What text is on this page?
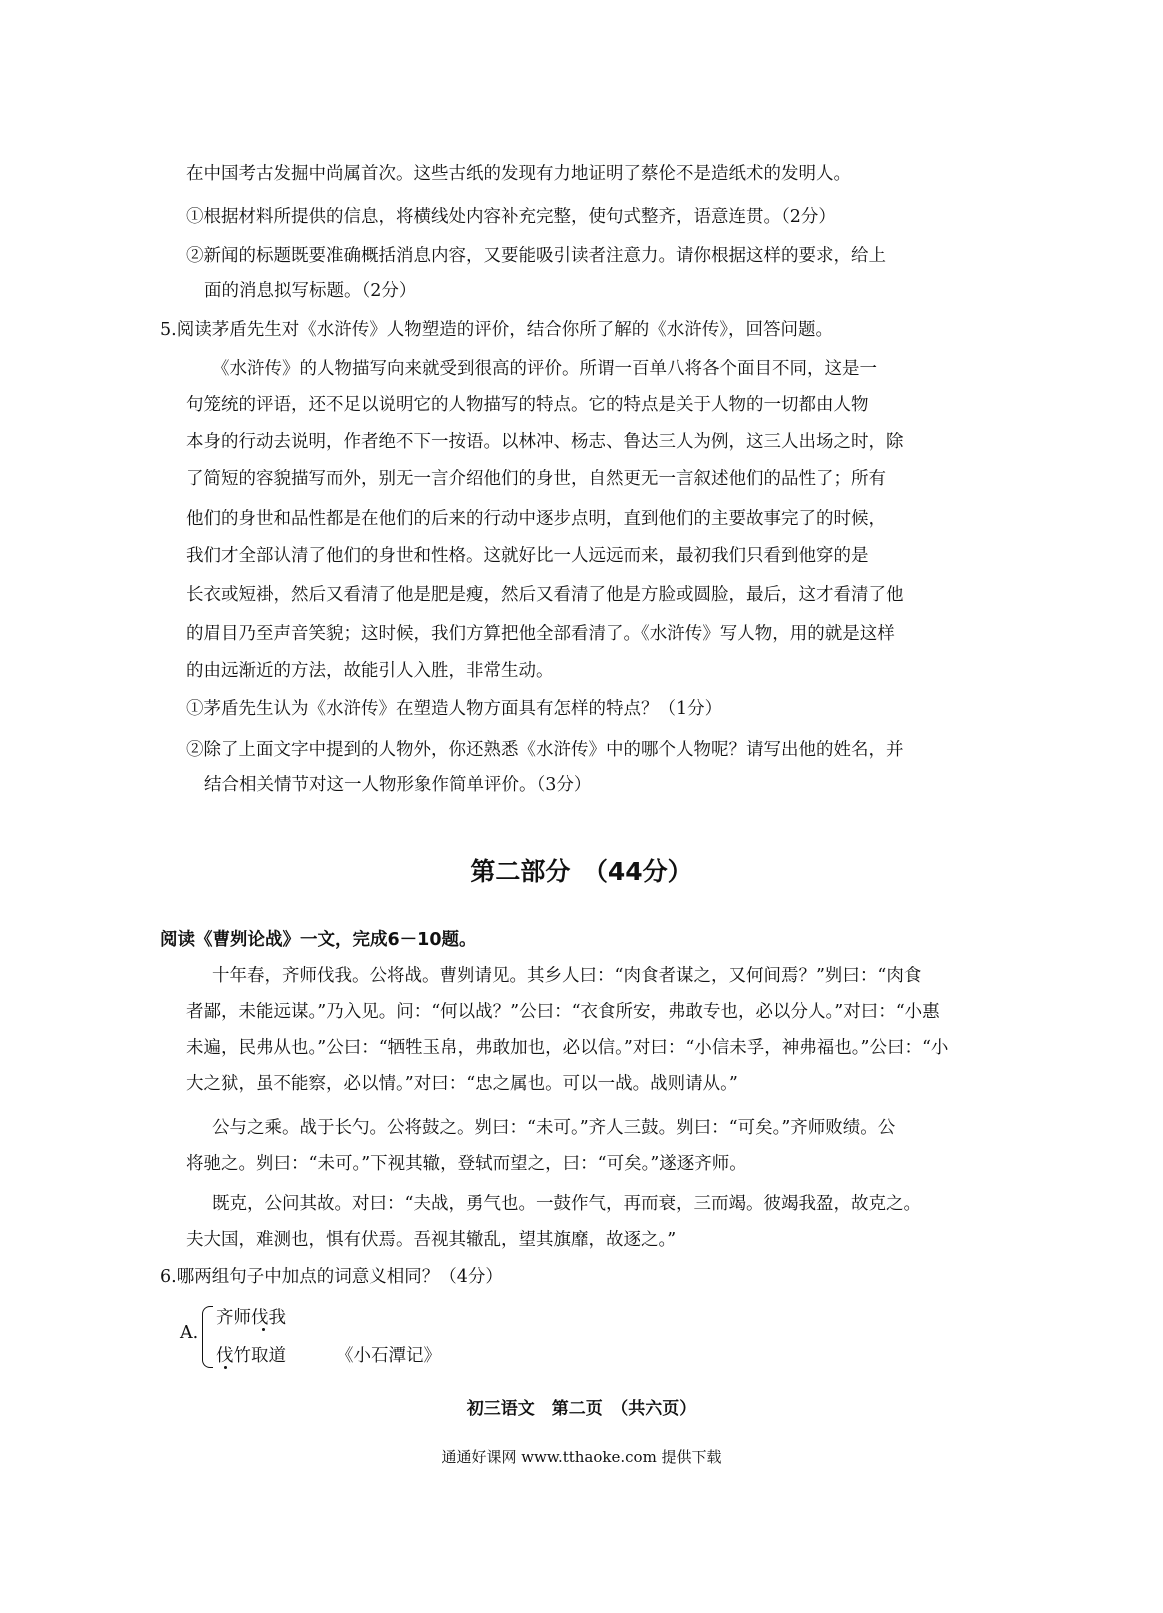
在中国考古发掘中尚属首次。这些古纸的发现有力地证明了蔡伦不是造纸术的发明人。
①根据材料所提供的信息，将横线处内容补充完整，使句式整齐，语意连贯。（2分）
②新闻的标题既要准确概括消息内容，又要能吸引读者注意力。请你根据这样的要求，给上
面的消息拟写标题。（2分）
5.阅读茅盾先生对《水浒传》人物塑造的评价，结合你所了解的《水浒传》，回答问题。
《水浒传》的人物描写向来就受到很高的评价。所谓一百单八将各个面目不同，这是一
句笼统的评语，还不足以说明它的人物描写的特点。它的特点是关于人物的一切都由人物
本身的行动去说明，作者绝不下一按语。以林冲、杨志、鲁达三人为例，这三人出场之时，除
了简短的容貌描写而外，别无一言介绍他们的身世，自然更无一言叙述他们的品性了；所有
他们的身世和品性都是在他们的后来的行动中逐步点明，直到他们的主要故事完了的时候，
我们才全部认清了他们的身世和性格。这就好比一人远远而来，最初我们只看到他穿的是
长衣或短褂，然后又看清了他是肥是瘦，然后又看清了他是方脸或圆脸，最后，这才看清了他
的眉目乃至声音笑貌；这时候，我们方算把他全部看清了。《水浒传》写人物，用的就是这样
的由远渐近的方法，故能引人入胜，非常生动。
①茅盾先生认为《水浒传》在塑造人物方面具有怎样的特点？（1分）
②除了上面文字中提到的人物外，你还熟悉《水浒传》中的哪个人物呢？请写出他的姓名，并
结合相关情节对这一人物形象作简单评价。（3分）
第二部分　（44分）
阅读《曹刿论战》一文，完成6－10题。
十年春，齐师伐我。公将战。曹刿请见。其乡人曰：“肉食者谋之，又何间焉？”刿曰：“肉食
者鄙，未能远谋。”乃入见。问：“何以战？”公曰：“衣食所安，弗敢专也，必以分人。”对曰：“小惠
未遍，民弗从也。”公曰：“牺牲玉帛，弗敢加也，必以信。”对曰：“小信未孚，神弗福也。”公曰：“小
大之狱，虽不能察，必以情。”对曰：“忠之属也。可以一战。战则请从。”
公与之乘。战于长勺。公将鼓之。刿曰：“未可。”齐人三鼓。刿曰：“可矣。”齐师败绩。公
将驰之。刿曰：“未可。”下视其辙，登轼而望之，曰：“可矣。”遂逐齐师。
既克，公问其故。对曰：“夫战，勇气也。一鼓作气，再而衰，三而竭。彼竭我盈，故克之。
夫大国，难测也，惧有伏焉。吾视其辙乱，望其旗靡，故逐之。”
6.哪两组句子中加点的词意义相同？（4分）
A.
齐师伐我
伐竹取道	《小石潭记》
初三语文　第二页　（共六页）
通通好课网 www.tthaoke.com 提供下载
